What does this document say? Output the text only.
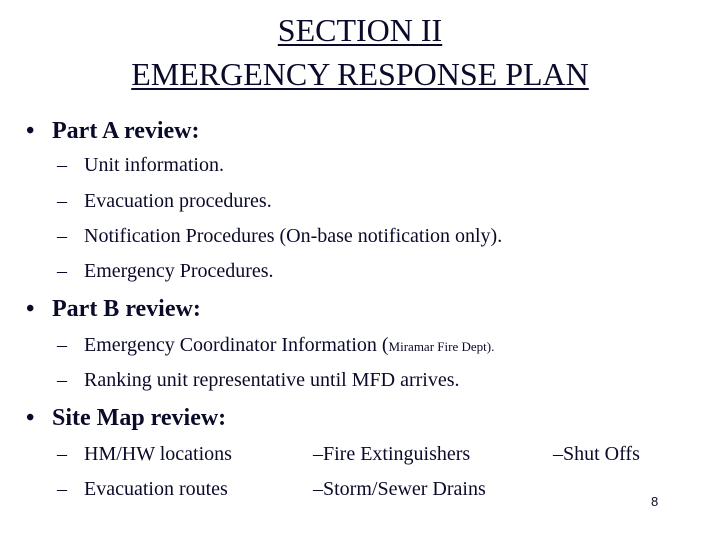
SECTION II
EMERGENCY RESPONSE PLAN
• Part A review:
– Unit information.
– Evacuation procedures.
– Notification Procedures (On-base notification only).
– Emergency Procedures.
• Part B review:
– Emergency Coordinator Information (Miramar Fire Dept).
– Ranking unit representative until MFD arrives.
• Site Map review:
– HM/HW locations
– Evacuation routes
–Fire Extinguishers
–Storm/Sewer Drains
–Shut Offs
8
